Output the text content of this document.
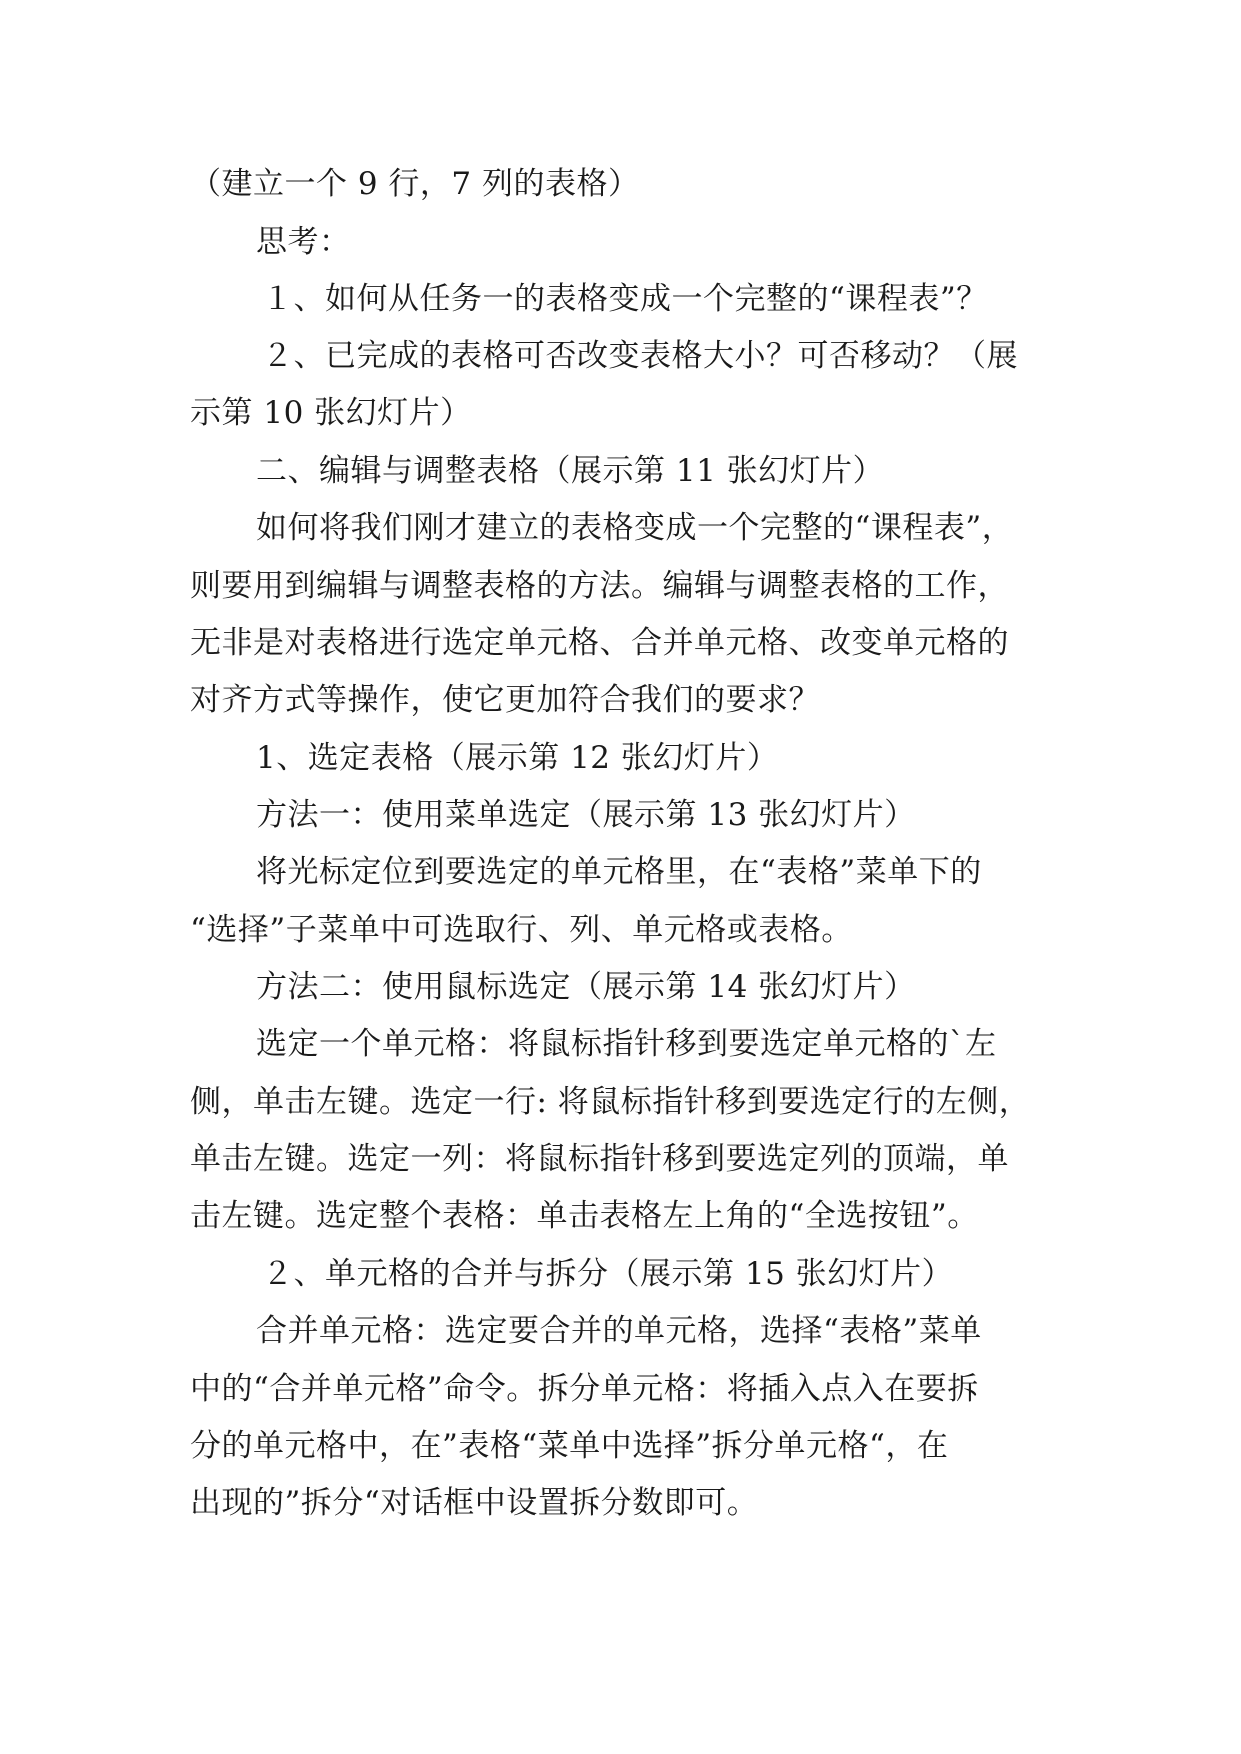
（建立一个 9 行，7 列的表格）
思考：
１、如何从任务一的表格变成一个完整的“课程表”？
２、已完成的表格可否改变表格大小？可否移动？（展
示第 10 张幻灯片）
二、编辑与调整表格（展示第 11 张幻灯片）
如何将我们刚才建立的表格变成一个完整的“课程表”，
则要用到编辑与调整表格的方法。编辑与调整表格的工作，
无非是对表格进行选定单元格、合并单元格、改变单元格的
对齐方式等操作，使它更加符合我们的要求？
1、选定表格（展示第 12 张幻灯片）
方法一：使用菜单选定（展示第 13 张幻灯片）
将光标定位到要选定的单元格里，在“表格”菜单下的
“选择”子菜单中可选取行、列、单元格或表格。
方法二：使用鼠标选定（展示第 14 张幻灯片）
选定一个单元格：将鼠标指针移到要选定单元格的`左
侧，单击左键。选定一行: 将鼠标指针移到要选定行的左侧，
单击左键。选定一列：将鼠标指针移到要选定列的顶端，单
击左键。选定整个表格：单击表格左上角的“全选按钮”。
２、单元格的合并与拆分（展示第 15 张幻灯片）
合并单元格：选定要合并的单元格，选择“表格”菜单
中的“合并单元格”命令。拆分单元格：将插入点入在要拆
分的单元格中，在”表格“菜单中选择”拆分单元格“，在
出现的”拆分“对话框中设置拆分数即可。
